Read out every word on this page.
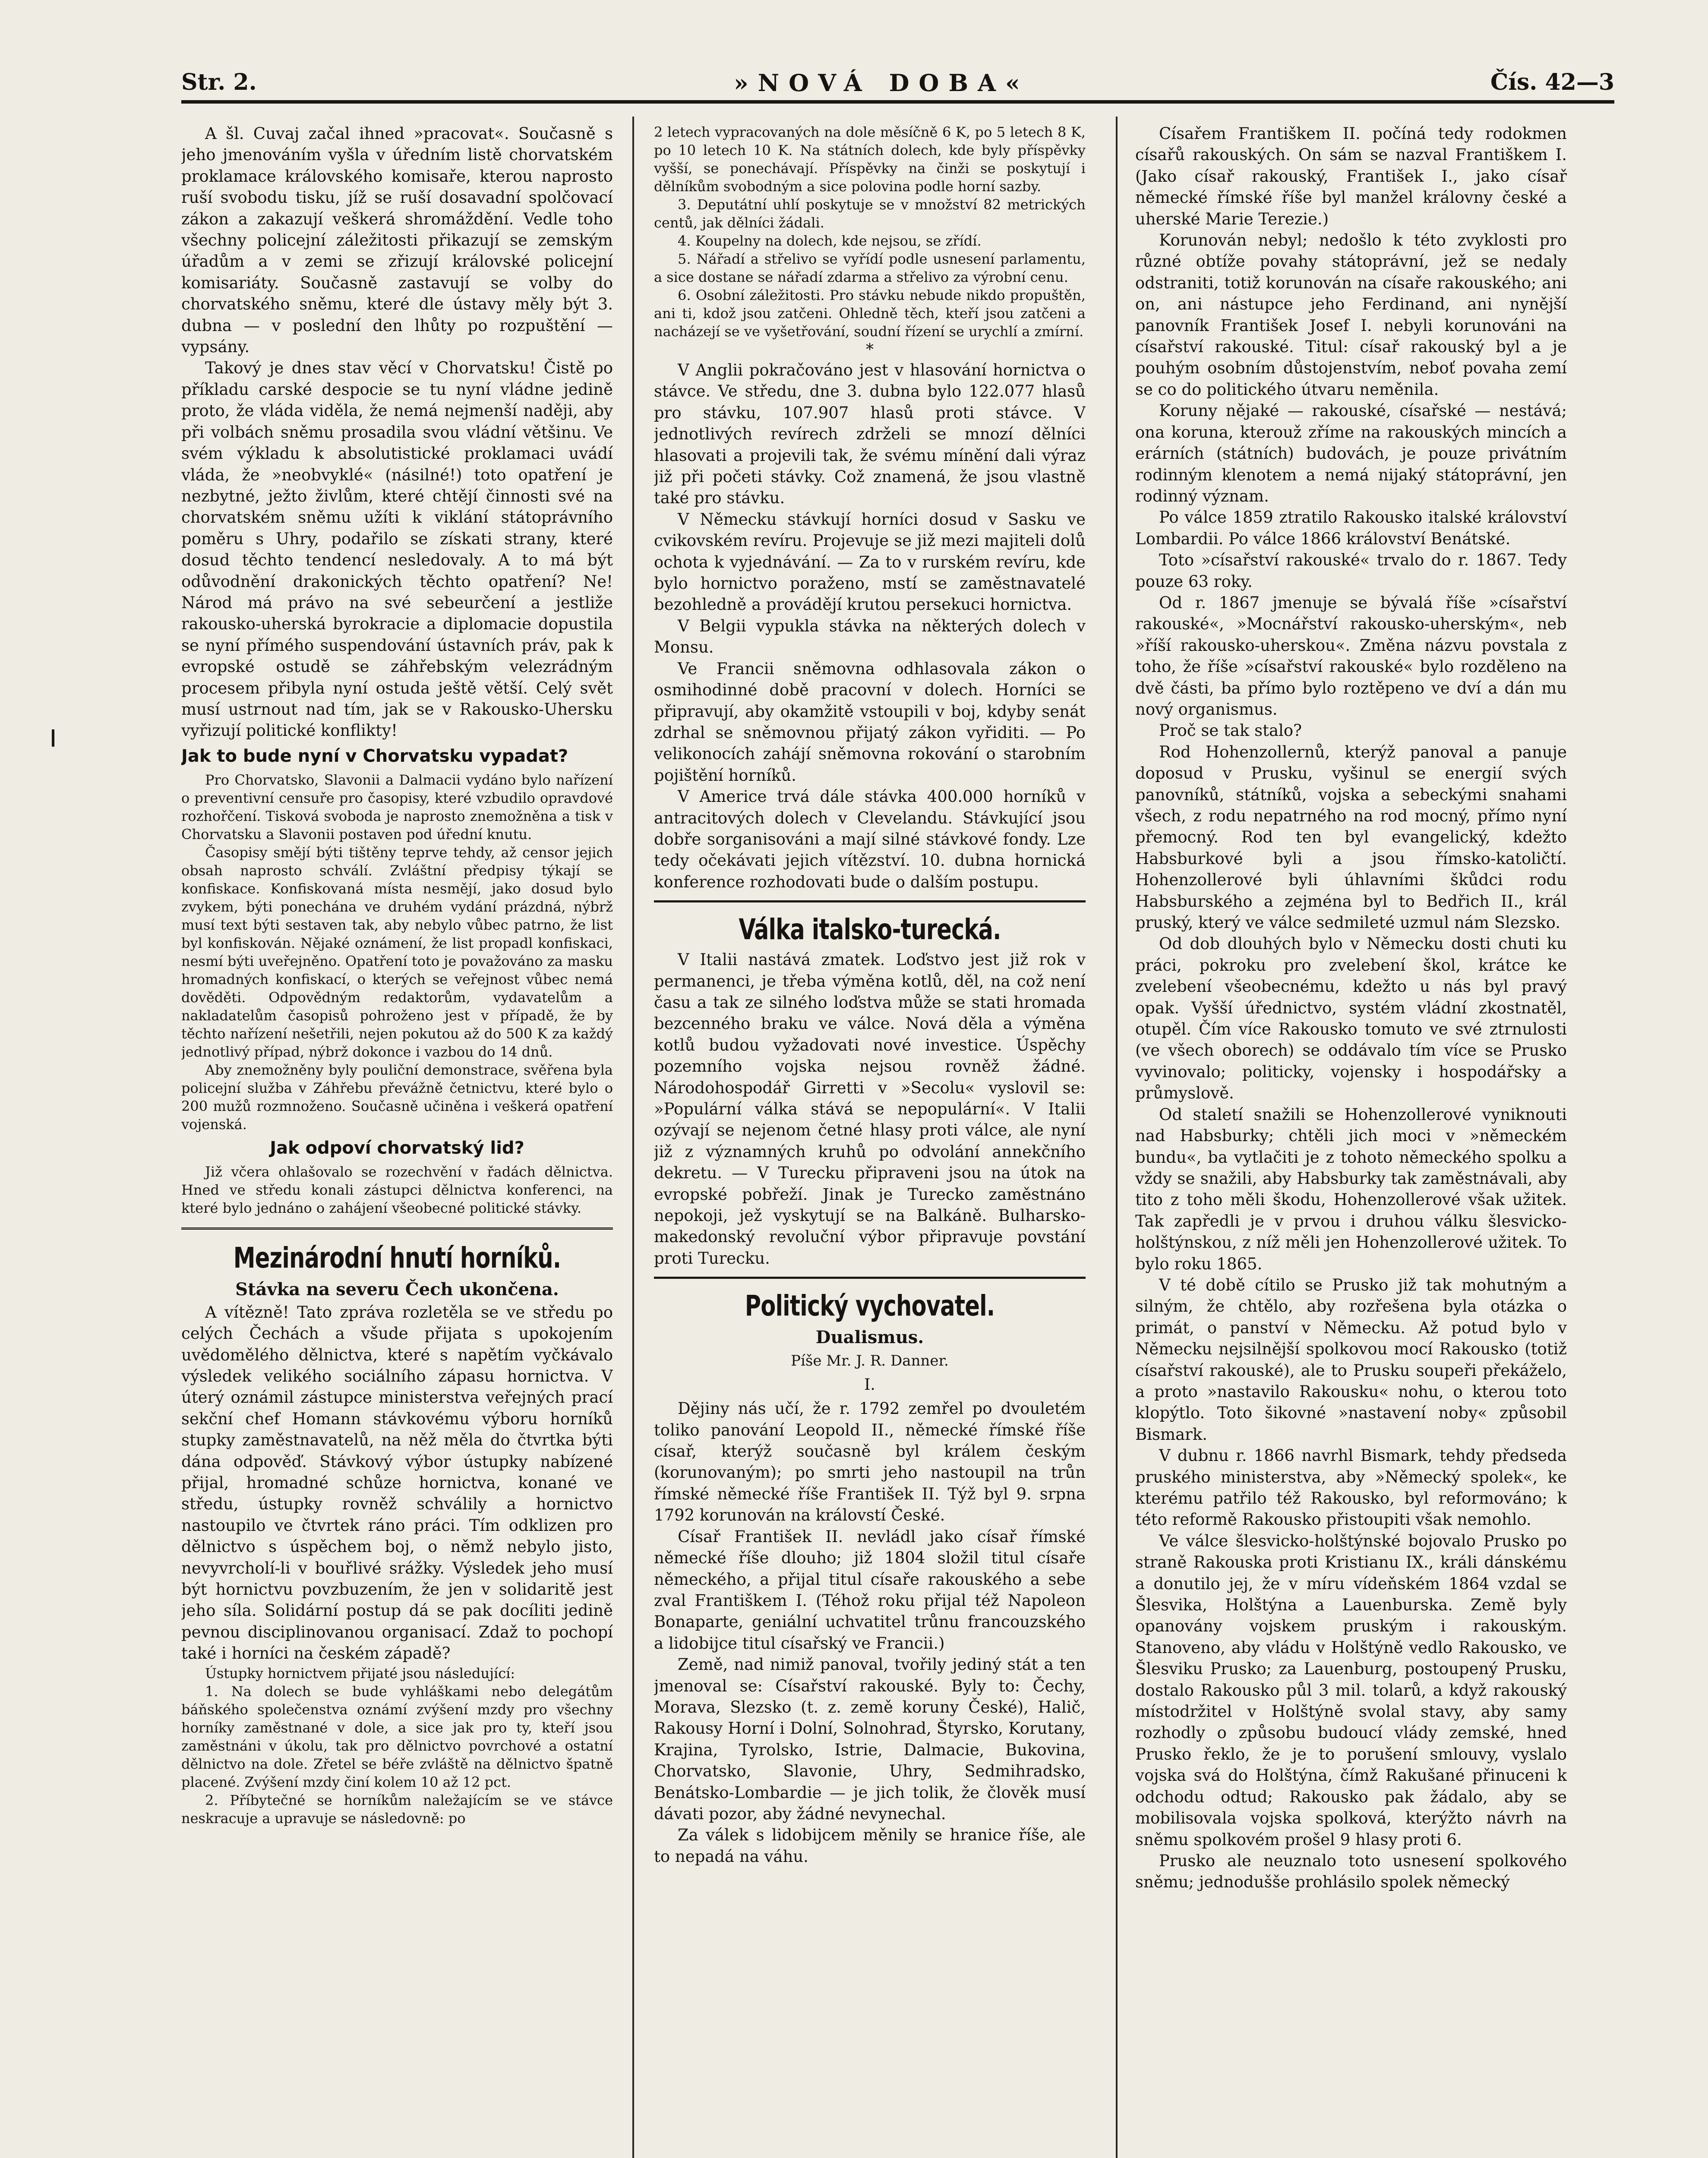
Str. 2.	»NOVÁ DOBA«	Čís. 42—3

A šl. Cuvaj začal ihned »pracovat«. Současně s jeho jmenováním vyšla v úředním listě chorvatském proklamace královského komisaře, kterou naprosto ruší svobodu tisku, jíž se ruší dosavadní spolčovací zákon a zakazují veškerá shromáždění. Vedle toho všechny policejní záležitosti přikazují se zemským úřadům a v zemi se zřizují královské policejní komisariáty. Současně zastavují se volby do chorvatského sněmu, které dle ústavy měly být 3. dubna — v poslední den lhůty po rozpuštění — vypsány.

Takový je dnes stav věcí v Chorvatsku! Čistě po příkladu carské despocie se tu nyní vládne jedině proto, že vláda viděla, že nemá nejmenší naději, aby při volbách sněmu prosadila svou vládní většinu. Ve svém výkladu k absolutistické proklamaci uvádí vláda, že »neobvyklé« (násilné!) toto opatření je nezbytné, ježto živlům, které chtějí činnosti své na chorvatském sněmu užíti k viklání státoprávního poměru s Uhry, podařilo se získati strany, které dosud těchto tendencí nesledovaly. A to má být odůvodnění drakonických těchto opatření? Ne! Národ má právo na své sebeurčení a jestliže rakousko-uherská byrokracie a diplomacie dopustila se nyní přímého suspendování ústavních práv, pak k evropské ostudě se záhřebským velezrádným procesem přibyla nyní ostuda ještě větší. Celý svět musí ustrnout nad tím, jak se v Rakousko-Uhersku vyřizují politické konflikty!

Jak to bude nyní v Chorvatsku vypadat?

Pro Chorvatsko, Slavonii a Dalmacii vydáno bylo nařízení o preventivní censuře pro časopisy, které vzbudilo opravdové rozhořčení. Tisková svoboda je naprosto znemožněna a tisk v Chorvatsku a Slavonii postaven pod úřední knutu.

Časopisy smějí býti tištěny teprve tehdy, až censor jejich obsah naprosto schválí. Zvláštní předpisy týkají se konfiskace. Konfiskovaná místa nesmějí, jako dosud bylo zvykem, býti ponechána ve druhém vydání prázdná, nýbrž musí text býti sestaven tak, aby nebylo vůbec patrno, že list byl konfiskován. Nějaké oznámení, že list propadl konfiskaci, nesmí býti uveřejněno. Opatření toto je považováno za masku hromadných konfiskací, o kterých se veřejnost vůbec nemá dověděti. Odpovědným redaktorům, vydavatelům a nakladatelům časopisů pohroženo jest v případě, že by těchto nařízení nešetřili, nejen pokutou až do 500 K za každý jednotlivý případ, nýbrž dokonce i vazbou do 14 dnů.

Aby znemožněny byly pouliční demonstrace, svěřena byla policejní služba v Záhřebu převážně četnictvu, které bylo o 200 mužů rozmnoženo. Současně učiněna i veškerá opatření vojenská.

Jak odpoví chorvatský lid?

Již včera ohlašovalo se rozechvění v řadách dělnictva. Hned ve středu konali zástupci dělnictva konferenci, na které bylo jednáno o zahájení všeobecné politické stávky.

Mezinárodní hnutí horníků.
Stávka na severu Čech ukončena.

A vítězně! Tato zpráva rozletěla se ve středu po celých Čechách a všude přijata s upokojením uvědomělého dělnictva, které s napětím vyčkávalo výsledek velikého sociálního zápasu hornictva. V úterý oznámil zástupce ministerstva veřejných prací sekční chef Homann stávkovému výboru horníků stupky zaměstnavatelů, na něž měla do čtvrtka býti dána odpověď. Stávkový výbor ústupky nabízené přijal, hromadné schůze hornictva, konané ve středu, ústupky rovněž schválily a hornictvo nastoupilo ve čtvrtek ráno práci. Tím odklizen pro dělnictvo s úspěchem boj, o němž nebylo jisto, nevyvrcholí-li v bouřlivé srážky. Výsledek jeho musí být hornictvu povzbuzením, že jen v solidaritě jest jeho síla. Solidární postup dá se pak docíliti jedině pevnou disciplinovanou organisací. Zdaž to pochopí také i horníci na českém západě?

Ústupky hornictvem přijaté jsou následující:

1. Na dolech se bude vyhláškami nebo delegátům báňského společenstva oznámí zvýšení mzdy pro všechny horníky zaměstnané v dole, a sice jak pro ty, kteří jsou zaměstnáni v úkolu, tak pro dělnictvo povrchové a ostatní dělnictvo na dole. Zřetel se béře zvláště na dělnictvo špatně placené. Zvýšení mzdy činí kolem 10 až 12 pct.

2. Příbytečné se horníkům naležajícím se ve stávce neskracuje a upravuje se následovně: po

2 letech vypracovaných na dole měsíčně 6 K, po 5 letech 8 K, po 10 letech 10 K. Na státních dolech, kde byly příspěvky vyšší, se ponechávají. Příspěvky na činži se poskytují i dělníkům svobodným a sice polovina podle horní sazby.

3. Deputátní uhlí poskytuje se v množství 82 metrických centů, jak dělníci žádali.

4. Koupelny na dolech, kde nejsou, se zřídí.

5. Nářadí a střelivo se vyřídí podle usnesení parlamentu, a sice dostane se nářadí zdarma a střelivo za výrobní cenu.

6. Osobní záležitosti. Pro stávku nebude nikdo propuštěn, ani ti, kdož jsou zatčeni. Ohledně těch, kteří jsou zatčeni a nacházejí se ve vyšetřování, soudní řízení se urychlí a zmírní.

*

V Anglii pokračováno jest v hlasování hornictva o stávce. Ve středu, dne 3. dubna bylo 122.077 hlasů pro stávku, 107.907 hlasů proti stávce. V jednotlivých revírech zdrželi se mnozí dělníci hlasovati a projevili tak, že svému mínění dali výraz již při početi stávky. Což znamená, že jsou vlastně také pro stávku.

V Německu stávkují horníci dosud v Sasku ve cvikovském revíru. Projevuje se již mezi majiteli dolů ochota k vyjednávání. — Za to v rurském revíru, kde bylo hornictvo poraženo, mstí se zaměstnavatelé bezohledně a provádějí krutou persekuci hornictva.

V Belgii vypukla stávka na některých dolech v Monsu.

Ve Francii sněmovna odhlasovala zákon o osmihodinné době pracovní v dolech. Horníci se připravují, aby okamžitě vstoupili v boj, kdyby senát zdrhal se sněmovnou přijatý zákon vyřiditi. — Po velikonocích zahájí sněmovna rokování o starobním pojištění horníků.

V Americe trvá dále stávka 400.000 horníků v antracitových dolech v Clevelandu. Stávkující jsou dobře sorganisováni a mají silné stávkové fondy. Lze tedy očekávati jejich vítězství. 10. dubna hornická konference rozhodovati bude o dalším postupu.

Válka italsko-turecká.

V Italii nastává zmatek. Loďstvo jest již rok v permanenci, je třeba výměna kotlů, děl, na což není času a tak ze silného loďstva může se stati hromada bezcenného braku ve válce. Nová děla a výměna kotlů budou vyžadovati nové investice. Úspěchy pozemního vojska nejsou rovněž žádné. Národohospodář Girretti v »Secolu« vyslovil se: »Populární válka stává se nepopulární«. V Italii ozývají se nejenom četné hlasy proti válce, ale nyní již z významných kruhů po odvolání annekčního dekretu. — V Turecku připraveni jsou na útok na evropské pobřeží. Jinak je Turecko zaměstnáno nepokoji, jež vyskytují se na Balkáně. Bulharsko-makedonský revoluční výbor připravuje povstání proti Turecku.

Politický vychovatel.
Dualismus.
Píše Mr. J. R. Danner.
I.

Dějiny nás učí, že r. 1792 zemřel po dvouletém toliko panování Leopold II., německé římské říše císař, kterýž současně byl králem českým (korunovaným); po smrti jeho nastoupil na trůn římské německé říše František II. Týž byl 9. srpna 1792 korunován na královstí České.

Císař František II. nevládl jako císař římské německé říše dlouho; již 1804 složil titul císaře německého, a přijal titul císaře rakouského a sebe zval Františkem I. (Téhož roku přijal též Napoleon Bonaparte, geniální uchvatitel trůnu francouzského a lidobijce titul císařský ve Francii.)

Země, nad nimiž panoval, tvořily jediný stát a ten jmenoval se: Císařství rakouské. Byly to: Čechy, Morava, Slezsko (t. z. země koruny České), Halič, Rakousy Horní i Dolní, Solnohrad, Štyrsko, Korutany, Krajina, Tyrolsko, Istrie, Dalmacie, Bukovina, Chorvatsko, Slavonie, Uhry, Sedmihradsko, Benátsko-Lombardie — je jich tolik, že člověk musí dávati pozor, aby žádné nevynechal.

Za válek s lidobijcem měnily se hranice říše, ale to nepadá na váhu.

Císařem Františkem II. počíná tedy rodokmen císařů rakouských. On sám se nazval Františkem I. (Jako císař rakouský, František I., jako císař německé římské říše byl manžel královny české a uherské Marie Terezie.)

Korunován nebyl; nedošlo k této zvyklosti pro různé obtíže povahy státoprávní, jež se nedaly odstraniti, totiž korunován na císaře rakouského; ani on, ani nástupce jeho Ferdinand, ani nynější panovník František Josef I. nebyli korunováni na císařství rakouské. Titul: císař rakouský byl a je pouhým osobním důstojenstvím, neboť povaha zemí se co do politického útvaru neměnila.

Koruny nějaké — rakouské, císařské — nestává; ona koruna, kterouž zříme na rakouských mincích a erárních (státních) budovách, je pouze privátním rodinným klenotem a nemá nijaký státoprávní, jen rodinný význam.

Po válce 1859 ztratilo Rakousko italské království Lombardii. Po válce 1866 království Benátské.

Toto »císařství rakouské« trvalo do r. 1867. Tedy pouze 63 roky.

Od r. 1867 jmenuje se bývalá říše »císařství rakouské«, »Mocnářství rakousko-uherským«, neb »říší rakousko-uherskou«. Změna názvu povstala z toho, že říše »císařství rakouské« bylo rozděleno na dvě části, ba přímo bylo roztěpeno ve dví a dán mu nový organismus.

Proč se tak stalo?

Rod Hohenzollernů, kterýž panoval a panuje doposud v Prusku, vyšinul se energií svých panovníků, státníků, vojska a sebeckými snahami všech, z rodu nepatrného na rod mocný, přímo nyní přemocný. Rod ten byl evangelický, kdežto Habsburkové byli a jsou římsko-katoličtí. Hohenzollerové byli úhlavními škůdci rodu Habsburského a zejména byl to Bedřich II., král pruský, který ve válce sedmileté uzmul nám Slezsko.

Od dob dlouhých bylo v Německu dosti chuti ku práci, pokroku pro zvelebení škol, krátce ke zvelebení všeobecnému, kdežto u nás byl pravý opak. Vyšší úřednictvo, systém vládní zkostnatěl, otupěl. Čím více Rakousko tomuto ve své ztrnulosti (ve všech oborech) se oddávalo tím více se Prusko vyvinovalo; politicky, vojensky i hospodářsky a průmyslově.

Od staletí snažili se Hohenzollerové vyniknouti nad Habsburky; chtěli jich moci v »německém bundu«, ba vytlačiti je z tohoto německého spolku a vždy se snažili, aby Habsburky tak zaměstnávali, aby tito z toho měli škodu, Hohenzollerové však užitek. Tak zapředli je v prvou i druhou válku šlesvicko-holštýnskou, z níž měli jen Hohenzollerové užitek. To bylo roku 1865.

V té době cítilo se Prusko již tak mohutným a silným, že chtělo, aby rozřešena byla otázka o primát, o panství v Německu. Až potud bylo v Německu nejsilnější spolkovou mocí Rakousko (totiž císařství rakouské), ale to Prusku soupeři překáželo, a proto »nastavilo Rakousku« nohu, o kterou toto klopýtlo. Toto šikovné »nastavení noby« způsobil Bismark.

V dubnu r. 1866 navrhl Bismark, tehdy předseda pruského ministerstva, aby »Německý spolek«, ke kterému patřilo též Rakousko, byl reformováno; k této reformě Rakousko přistoupiti však nemohlo.

Ve válce šlesvicko-holštýnské bojovalo Prusko po straně Rakouska proti Kristianu IX., králi dánskému a donutilo jej, že v míru vídeňském 1864 vzdal se Šlesvika, Holštýna a Lauenburska. Země byly opanovány vojskem pruským i rakouským. Stanoveno, aby vládu v Holštýně vedlo Rakousko, ve Šlesviku Prusko; za Lauenburg, postoupený Prusku, dostalo Rakousko půl 3 mil. tolarů, a když rakouský místodržitel v Holštýně svolal stavy, aby samy rozhodly o způsobu budoucí vlády zemské, hned Prusko řeklo, že je to porušení smlouvy, vyslalo vojska svá do Holštýna, čímž Rakušané přinuceni k odchodu odtud; Rakousko pak žádalo, aby se mobilisovala vojska spolková, kterýžto návrh na sněmu spolkovém prošel 9 hlasy proti 6.

Prusko ale neuznalo toto usnesení spolkového sněmu; jednodušše prohlásilo spolek německý
